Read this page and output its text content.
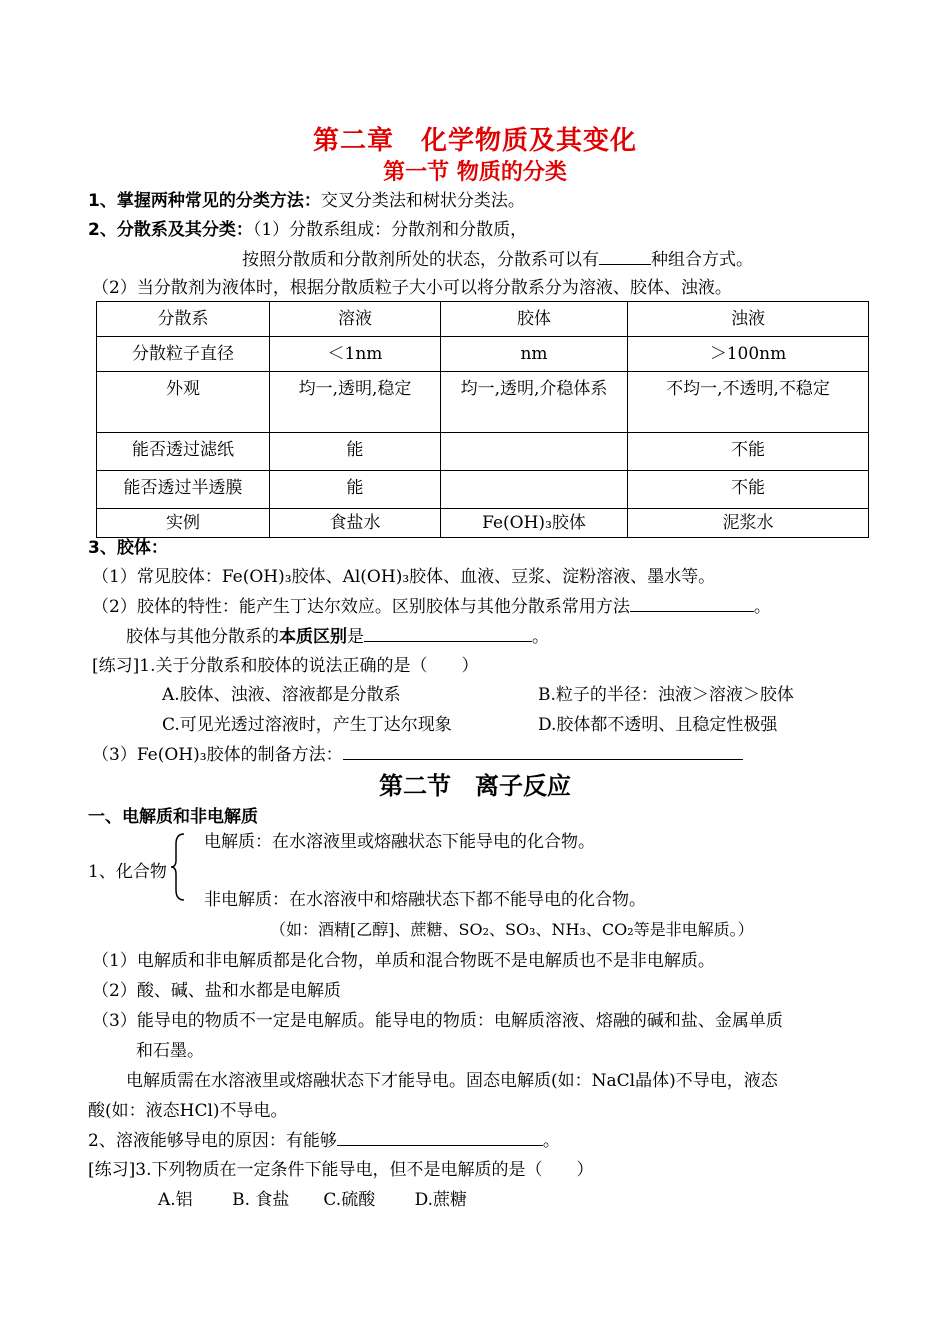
第二章　化学物质及其变化
第一节 物质的分类
1、掌握两种常见的分类方法：交叉分类法和树状分类法。
2、分散系及其分类：（1）分散系组成：分散剂和分散质，
按照分散质和分散剂所处的状态，分散系可以有	种组合方式。
（2）当分散剂为液体时，根据分散质粒子大小可以将分散系分为溶液、胶体、浊液。
分散系	溶液	胶体	浊液
分散粒子直径	＜1nm	nm	＞100nm
外观	均一,透明,稳定	均一,透明,介稳体系	不均一,不透明,不稳定
能否透过滤纸	能		不能
能否透过半透膜	能		不能
实例	食盐水	Fe(OH)₃胶体	泥浆水
3、胶体：
（1）常见胶体：Fe(OH)₃胶体、Al(OH)₃胶体、血液、豆浆、淀粉溶液、墨水等。
（2）胶体的特性：能产生丁达尔效应。区别胶体与其他分散系常用方法	。
胶体与其他分散系的本质区别是	。
[练习]1.关于分散系和胶体的说法正确的是（　　）
A.胶体、浊液、溶液都是分散系	B.粒子的半径：浊液＞溶液＞胶体
C.可见光透过溶液时，产生丁达尔现象	D.胶体都不透明、且稳定性极强
（3）Fe(OH)₃胶体的制备方法：
第二节　离子反应
一、电解质和非电解质
电解质：在水溶液里或熔融状态下能导电的化合物。
1、化合物
非电解质：在水溶液中和熔融状态下都不能导电的化合物。
（如：酒精[乙醇]、蔗糖、SO₂、SO₃、NH₃、CO₂等是非电解质。）
（1）电解质和非电解质都是化合物，单质和混合物既不是电解质也不是非电解质。
（2）酸、碱、盐和水都是电解质
（3）能导电的物质不一定是电解质。能导电的物质：电解质溶液、熔融的碱和盐、金属单质
和石墨。
电解质需在水溶液里或熔融状态下才能导电。固态电解质(如：NaCl晶体)不导电，液态
酸(如：液态HCl)不导电。
2、溶液能够导电的原因：有能够	。
[练习]3.下列物质在一定条件下能导电，但不是电解质的是（　　）
A.铝　　 B. 食盐　　C.硫酸　　 D.蔗糖
